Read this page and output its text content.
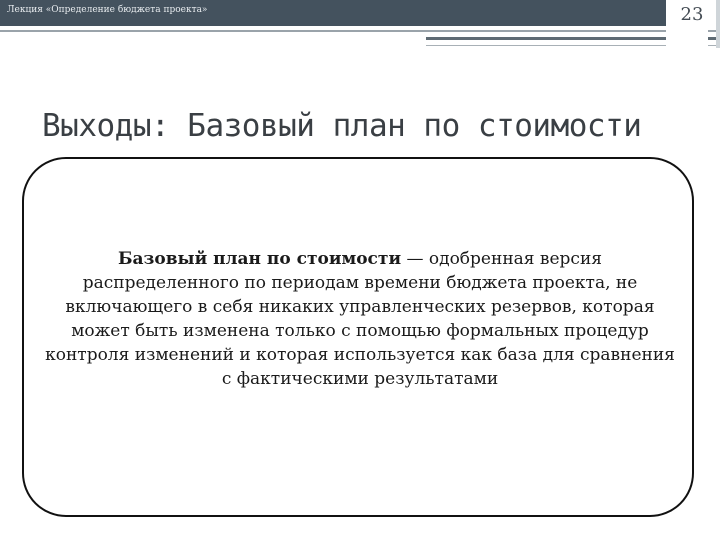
Лекция «Определение бюджета проекта»	23
Выходы: Базовый план по стоимости
Базовый план по стоимости — одобренная версия распределенного по периодам времени бюджета проекта, не включающего в себя никаких управленческих резервов, которая может быть изменена только с помощью формальных процедур контроля изменений и которая используется как база для сравнения с фактическими результатами
